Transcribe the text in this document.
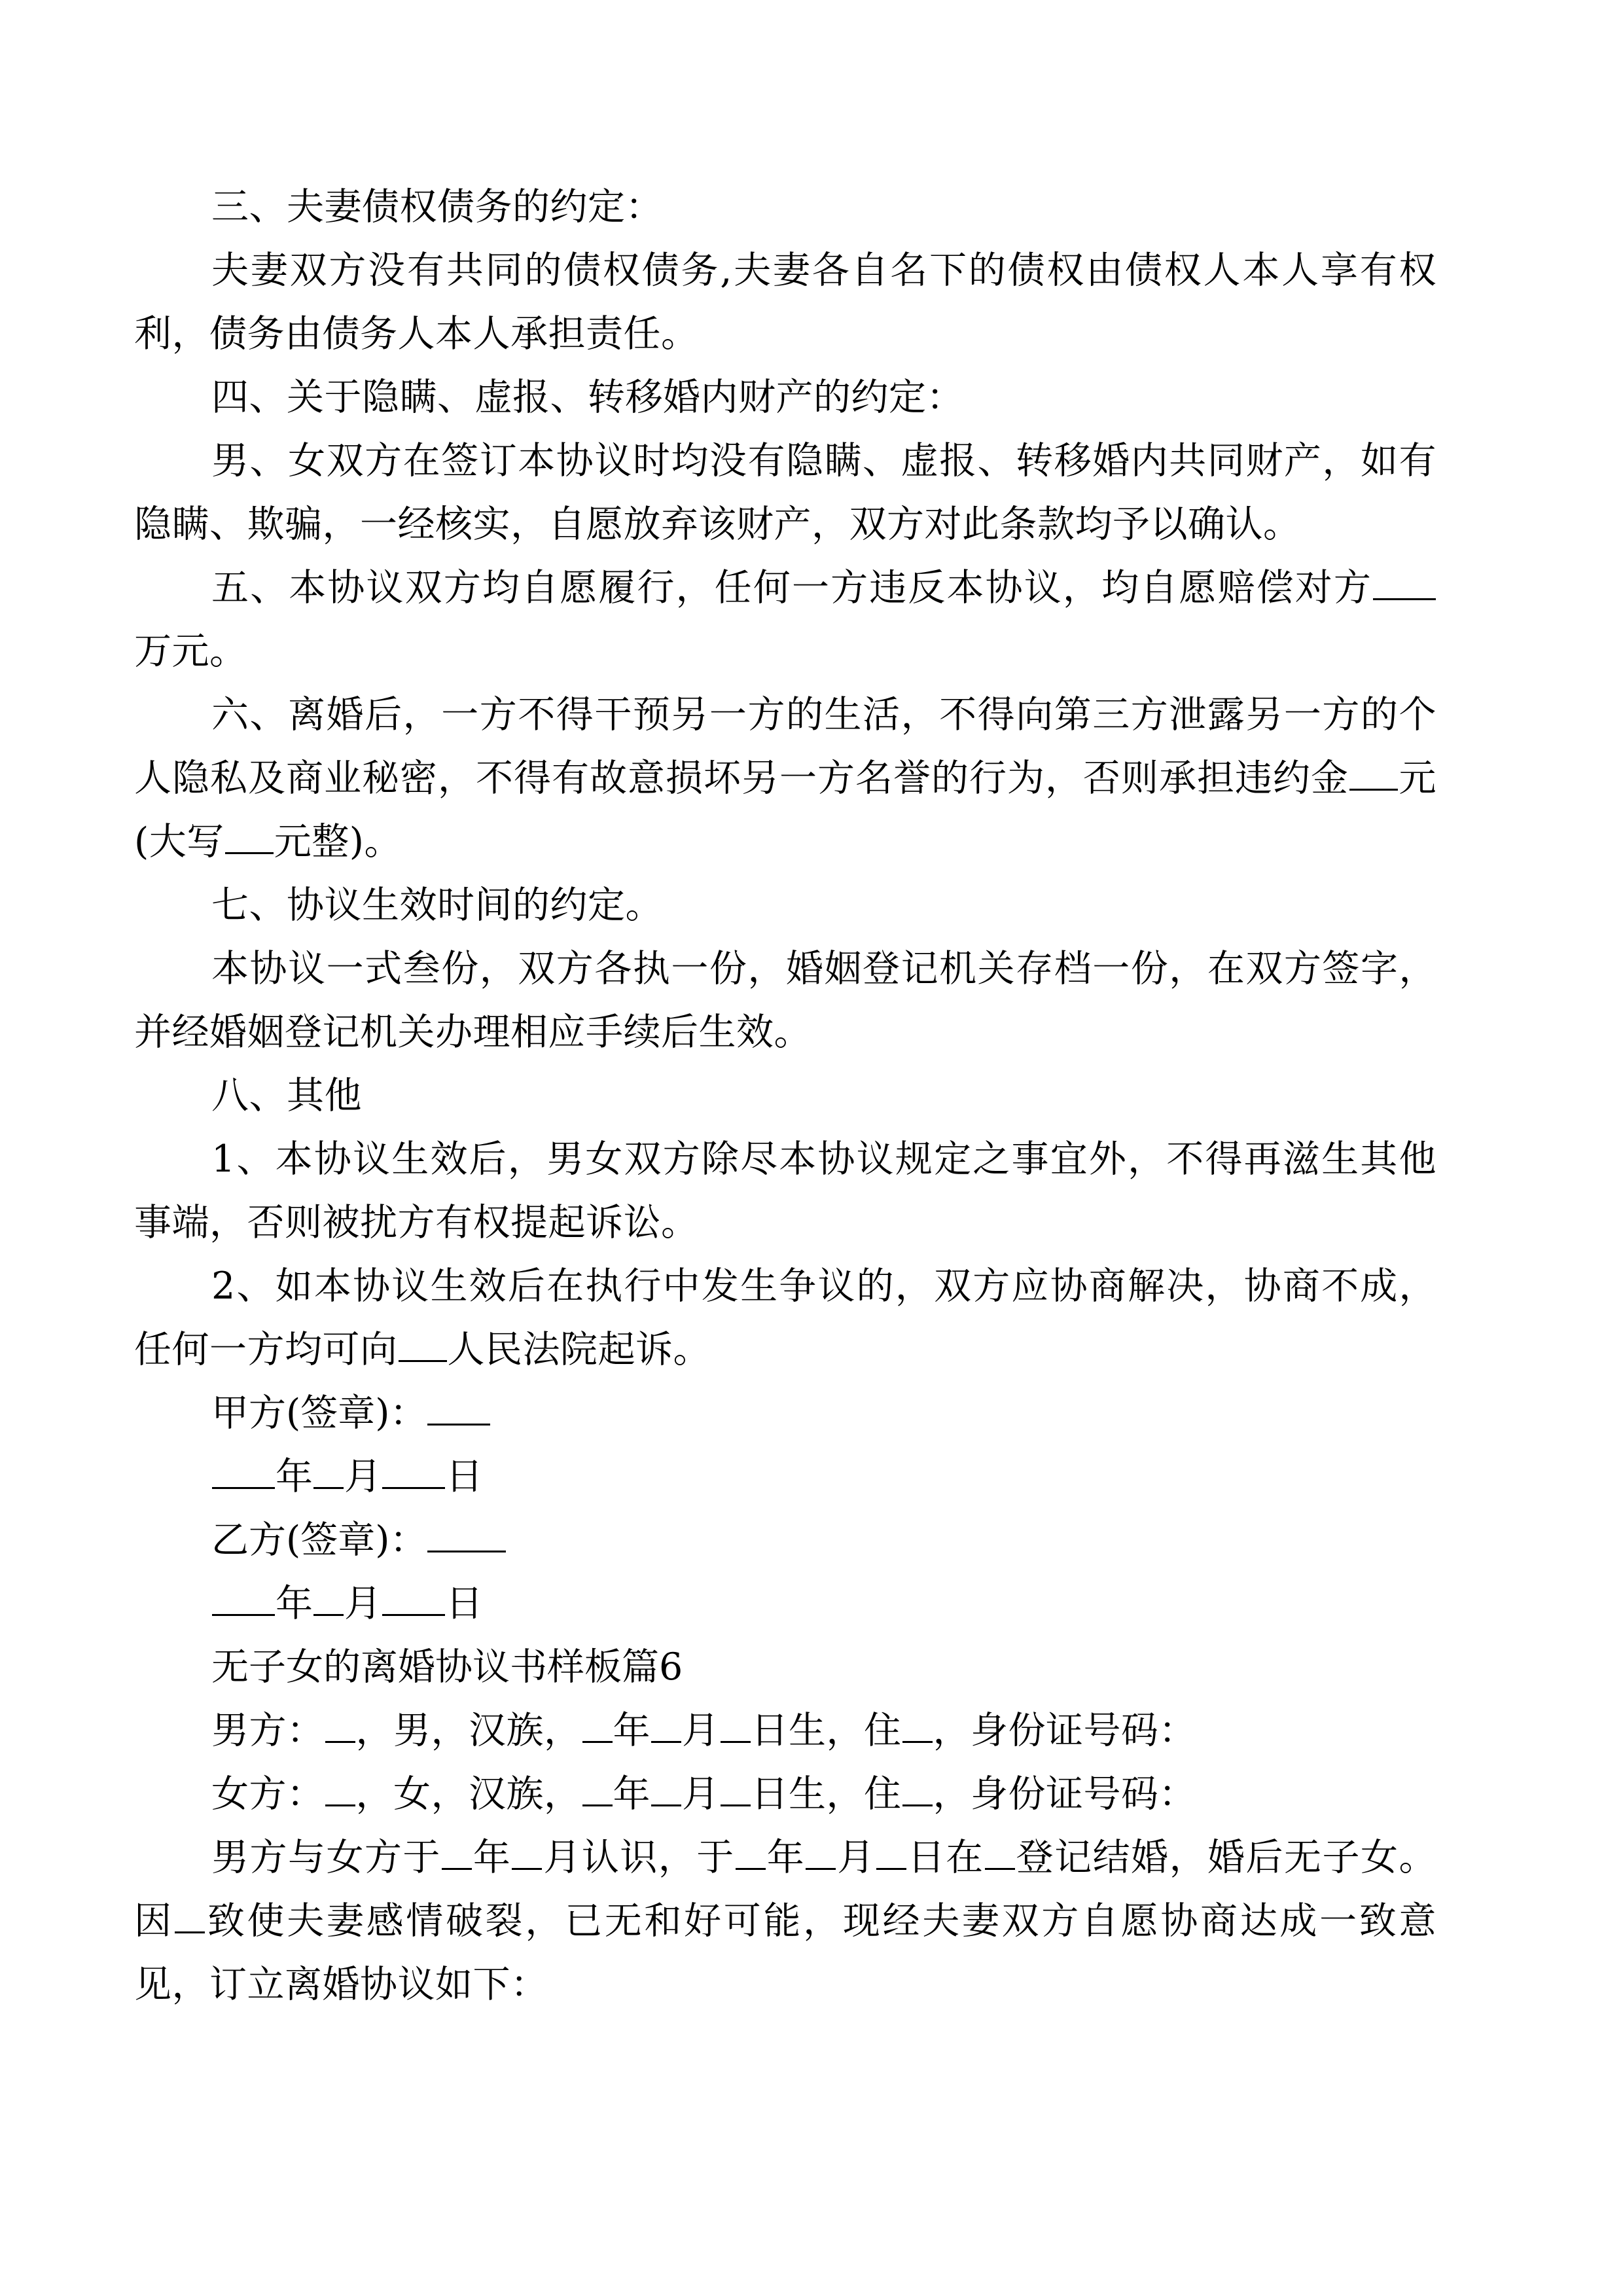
三、夫妻债权债务的约定：
夫妻双方没有共同的债权债务,夫妻各自名下的债权由债权人本人享有权利，债务由债务人本人承担责任。
四、关于隐瞒、虚报、转移婚内财产的约定：
男、女双方在签订本协议时均没有隐瞒、虚报、转移婚内共同财产，如有隐瞒、欺骗，一经核实，自愿放弃该财产，双方对此条款均予以确认。
五、本协议双方均自愿履行，任何一方违反本协议，均自愿赔偿对方万元。
六、离婚后，一方不得干预另一方的生活，不得向第三方泄露另一方的个人隐私及商业秘密，不得有故意损坏另一方名誉的行为，否则承担违约金 元(大写 元整)。
七、协议生效时间的约定。
本协议一式叁份，双方各执一份，婚姻登记机关存档一份，在双方签字，并经婚姻登记机关办理相应手续后生效。
八、其他
1、本协议生效后，男女双方除尽本协议规定之事宜外，不得再滋生其他事端，否则被扰方有权提起诉讼。
2、如本协议生效后在执行中发生争议的，双方应协商解决，协商不成，任何一方均可向 人民法院起诉。
甲方(签章)：
年 月 日
乙方(签章)：
年 月 日
无子女的离婚协议书样板篇6
男方： ，男，汉族， 年 月 日生，住 ，身份证号码：
女方： ，女，汉族， 年 月 日生，住 ，身份证号码：
男方与女方于 年 月认识，于 年 月 日在 登记结婚，婚后无子女。因 致使夫妻感情破裂，已无和好可能，现经夫妻双方自愿协商达成一致意见，订立离婚协议如下：
